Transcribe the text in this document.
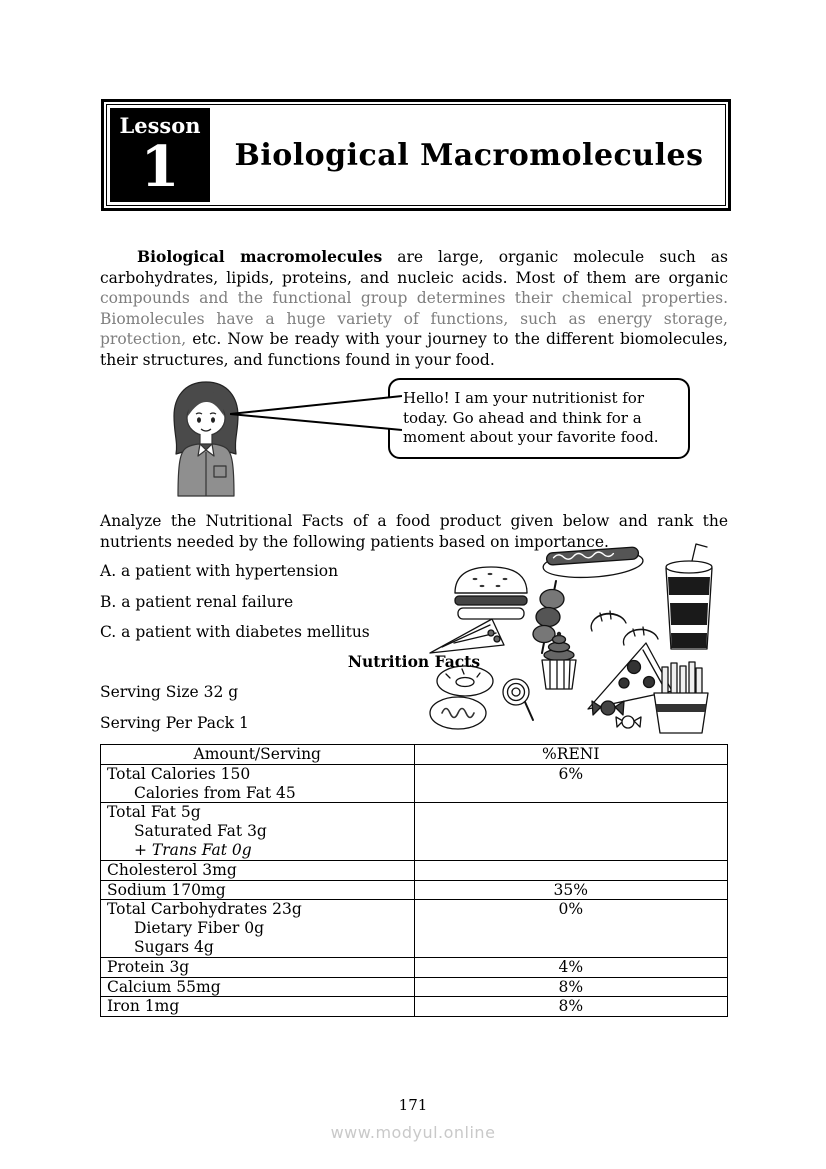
Lesson
1	Biological Macromolecules

Biological macromolecules are large, organic molecule such as carbohydrates, lipids, proteins, and nucleic acids. Most of them are organic compounds and the functional group determines their chemical properties. Biomolecules have a huge variety of functions, such as energy storage, protection, etc. Now be ready with your journey to the different biomolecules, their structures, and functions found in your food.

Hello! I am your nutritionist for today. Go ahead and think for a moment about your favorite food.

Analyze the Nutritional Facts of a food product given below and rank the nutrients needed by the following patients based on importance.

A. a patient with hypertension
B. a patient renal failure
C. a patient with diabetes mellitus
Nutrition Facts
Serving Size 32 g
Serving Per Pack 1
Amount/Serving	%RENI

Total Calories 150
Calories from Fat 45	6%

Total Fat 5g
Saturated Fat 3g
+ Trans Fat 0g	

Cholesterol 3mg	

Sodium 170mg	35%

Total Carbohydrates 23g
Dietary Fiber 0g
Sugars 4g	0%

Protein 3g	4%

Calcium 55mg	8%

Iron 1mg	8%
171
www.modyul.online
